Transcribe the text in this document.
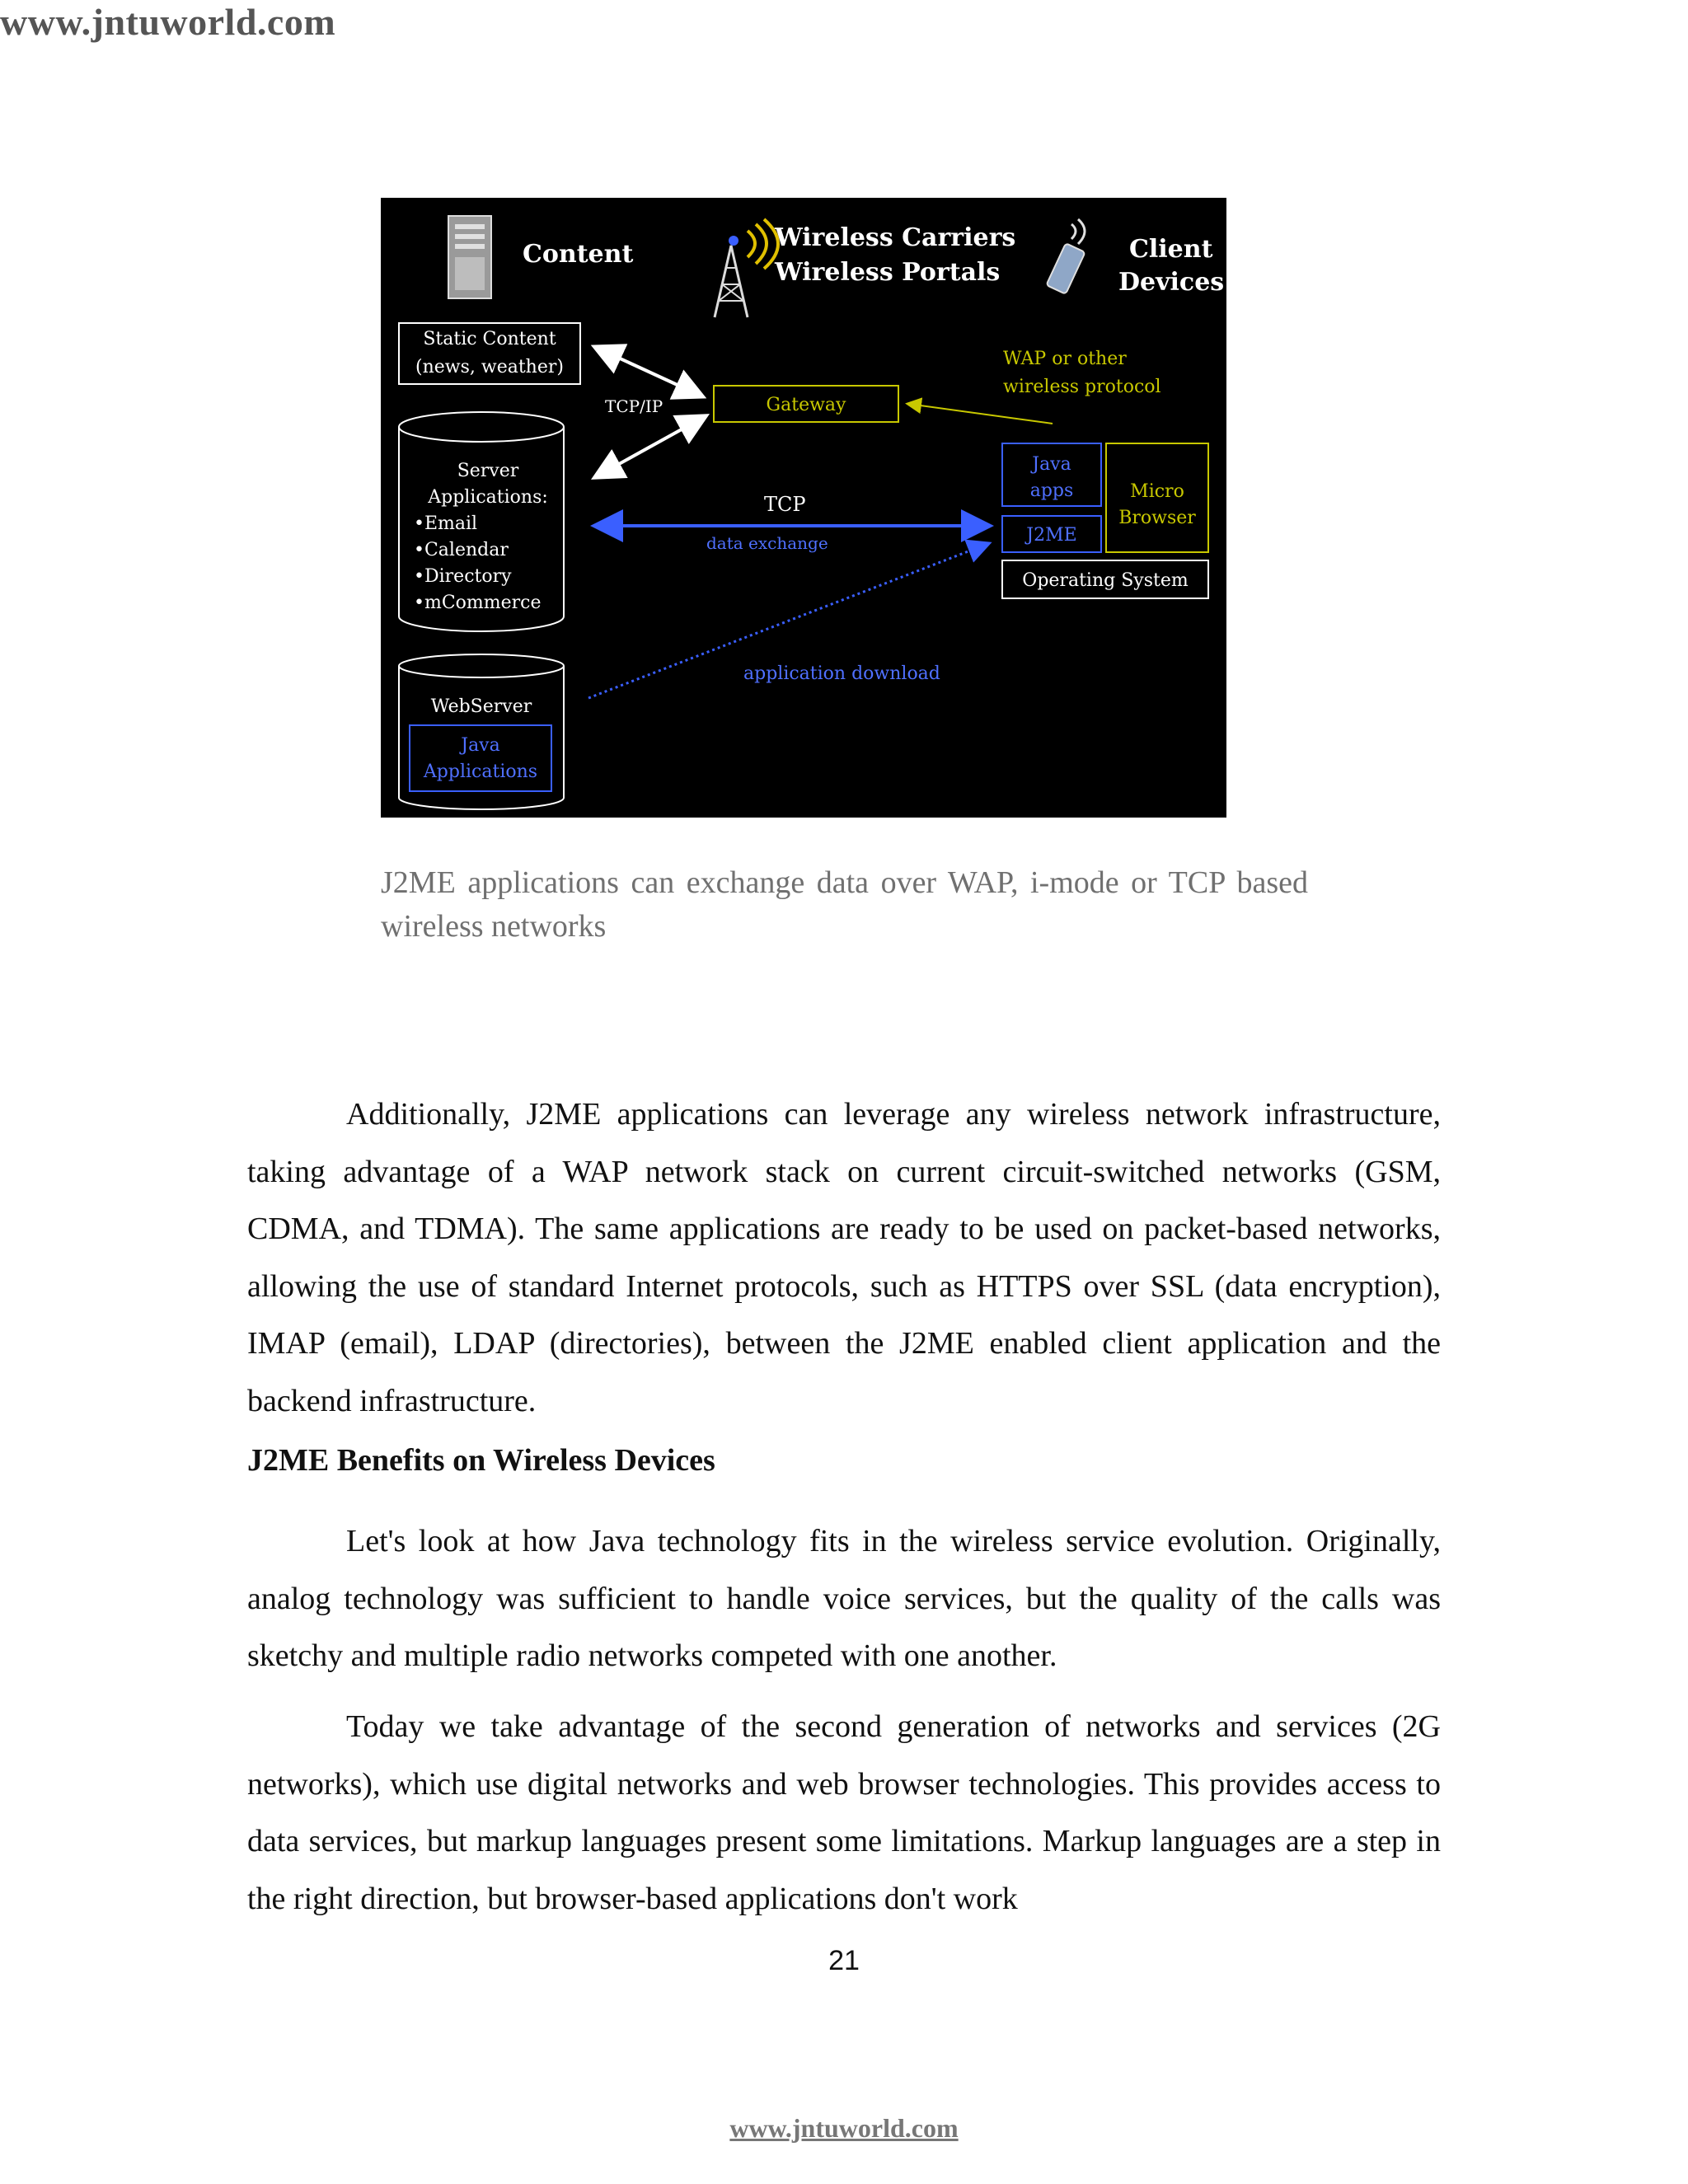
www.jntuworld.com
Content
Wireless Carriers
Wireless Portals
Client
Devices
Static Content
(news, weather)
Server
Applications:
•Email
•Calendar
•Directory
•mCommerce
WebServer
Java
Applications
Gateway
TCP/IP
WAP or other
wireless protocol
Java
apps
J2ME
Micro
Browser
Operating System
TCP
data exchange
application download
J2ME applications can exchange data over WAP, i-mode or TCP based wireless networks
Additionally, J2ME applications can leverage any wireless network infrastructure, taking advantage of a WAP network stack on current circuit-switched networks (GSM, CDMA, and TDMA). The same applications are ready to be used on packet-based networks, allowing the use of standard Internet protocols, such as HTTPS over SSL (data encryption), IMAP (email), LDAP (directories), between the J2ME enabled client application and the backend infrastructure.
J2ME Benefits on Wireless Devices
Let's look at how Java technology fits in the wireless service evolution. Originally, analog technology was sufficient to handle voice services, but the quality of the calls was sketchy and multiple radio networks competed with one another.
Today we take advantage of the second generation of networks and services (2G networks), which use digital networks and web browser technologies. This provides access to data services, but markup languages present some limitations. Markup languages are a step in the right direction, but browser-based applications don't work
21
www.jntuworld.com
